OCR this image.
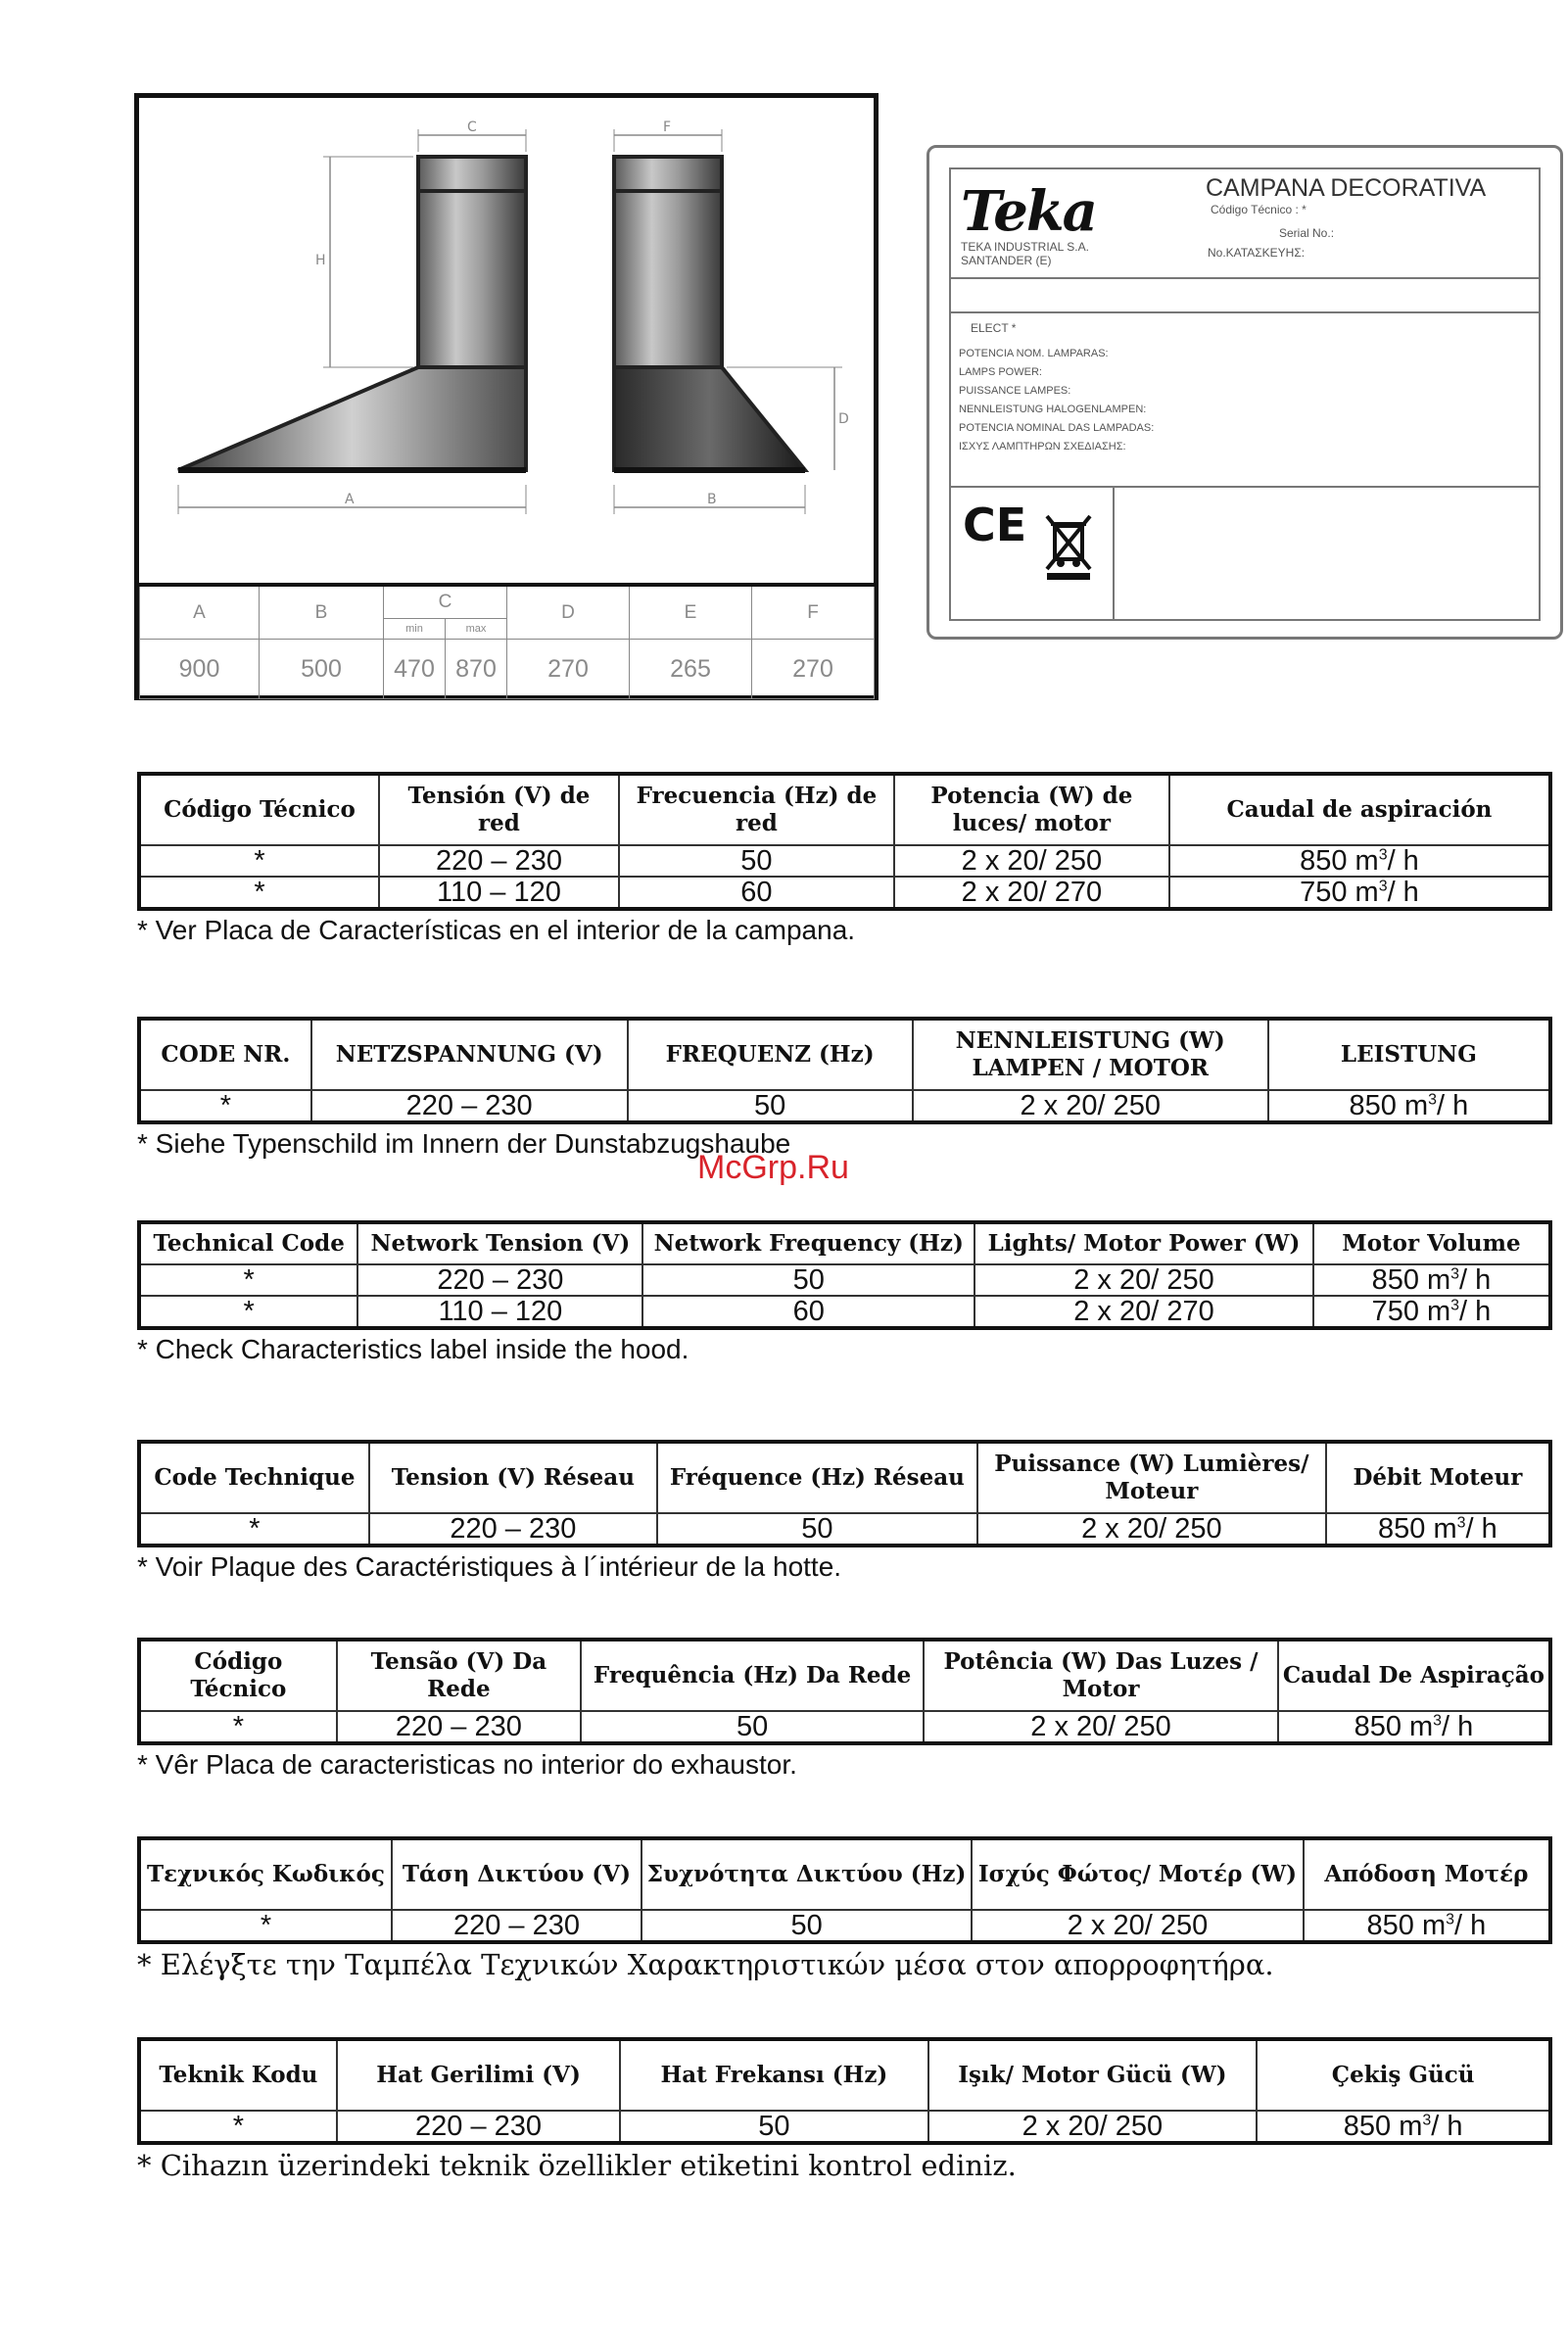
C
H
A
F
D
B
A	B	C		D	E	F
		min	max			
900	500	470	870	270	265	270
Teka	CAMPANA DECORATIVA
Código Técnico : *
Serial No.:
No.ΚΑΤΑΣΚΕΥΗΣ:
TEKA INDUSTRIAL S.A.
SANTANDER (E)
ELECT *
POTENCIA NOM. LAMPARAS:
LAMPS POWER:
PUISSANCE LAMPES:
NENNLEISTUNG HALOGENLAMPEN:
POTENCIA NOMINAL DAS LAMPADAS:
ΙΣΧΥΣ ΛΑΜΠΤΗΡΩΝ ΣΧΕΔΙΑΣΗΣ:
CE
Código Técnico	Tensión (V) de red	Frecuencia (Hz) de red	Potencia (W) de luces/ motor	Caudal de aspiración
*	220 – 230	50	2 x 20/ 250	850 $m^3/$ h
*	110 – 120	60	2 x 20/ 270	750 $m^3/$ h
* Ver Placa de Características en el interior de la campana.
CODE NR.	NETZSPANNUNG (V)	FREQUENZ (Hz)	NENNLEISTUNG (W) LAMPEN / MOTOR	LEISTUNG
*	220 – 230	50	2 x 20/ 250	850 $m^3/$ h
* Siehe Typenschild im Innern der Dunstabzugshaube
McGrp.Ru
Technical Code	Network Tension (V)	Network Frequency (Hz)	Lights/ Motor Power (W)	Motor Volume
*	220 – 230	50	2 x 20/ 250	850 $m^3/$ h
*	110 – 120	60	2 x 20/ 270	750 $m^3/$ h
* Check Characteristics label inside the hood.
Code Technique	Tension (V) Réseau	Fréquence (Hz) Réseau	Puissance (W) Lumières/ Moteur	Débit Moteur
*	220 – 230	50	2 x 20/ 250	850 $m^3/$ h
* Voir Plaque des Caractéristiques à l´intérieur de la hotte.
Código Técnico	Tensão (V) Da Rede	Frequência (Hz) Da Rede	Potência (W) Das Luzes / Motor	Caudal De Aspiração
*	220 – 230	50	2 x 20/ 250	850 $m^3/$ h
* Vêr Placa de caracteristicas no interior do exhaustor.
Τεχνικός Κωδικός	Τάση Δικτύου (V)	Συχνότητα Δικτύου (Hz)	Ισχύς Φώτος/ Μοτέρ (W)	Απόδοση Μοτέρ
*	220 – 230	50	2 x 20/ 250	850 $m^3/$ h
* Ελέγξτε την Ταμπέλα Τεχνικών Χαρακτηριστικών μέσα στον απορροφητήρα.
Teknik Kodu	Hat Gerilimi (V)	Hat Frekansı (Hz)	Işık/ Motor Gücü (W)	Çekiş Gücü
*	220 – 230	50	2 x 20/ 250	850 $m^3/$ h
* Cihazın üzerindeki teknik özellikler etiketini kontrol ediniz.
